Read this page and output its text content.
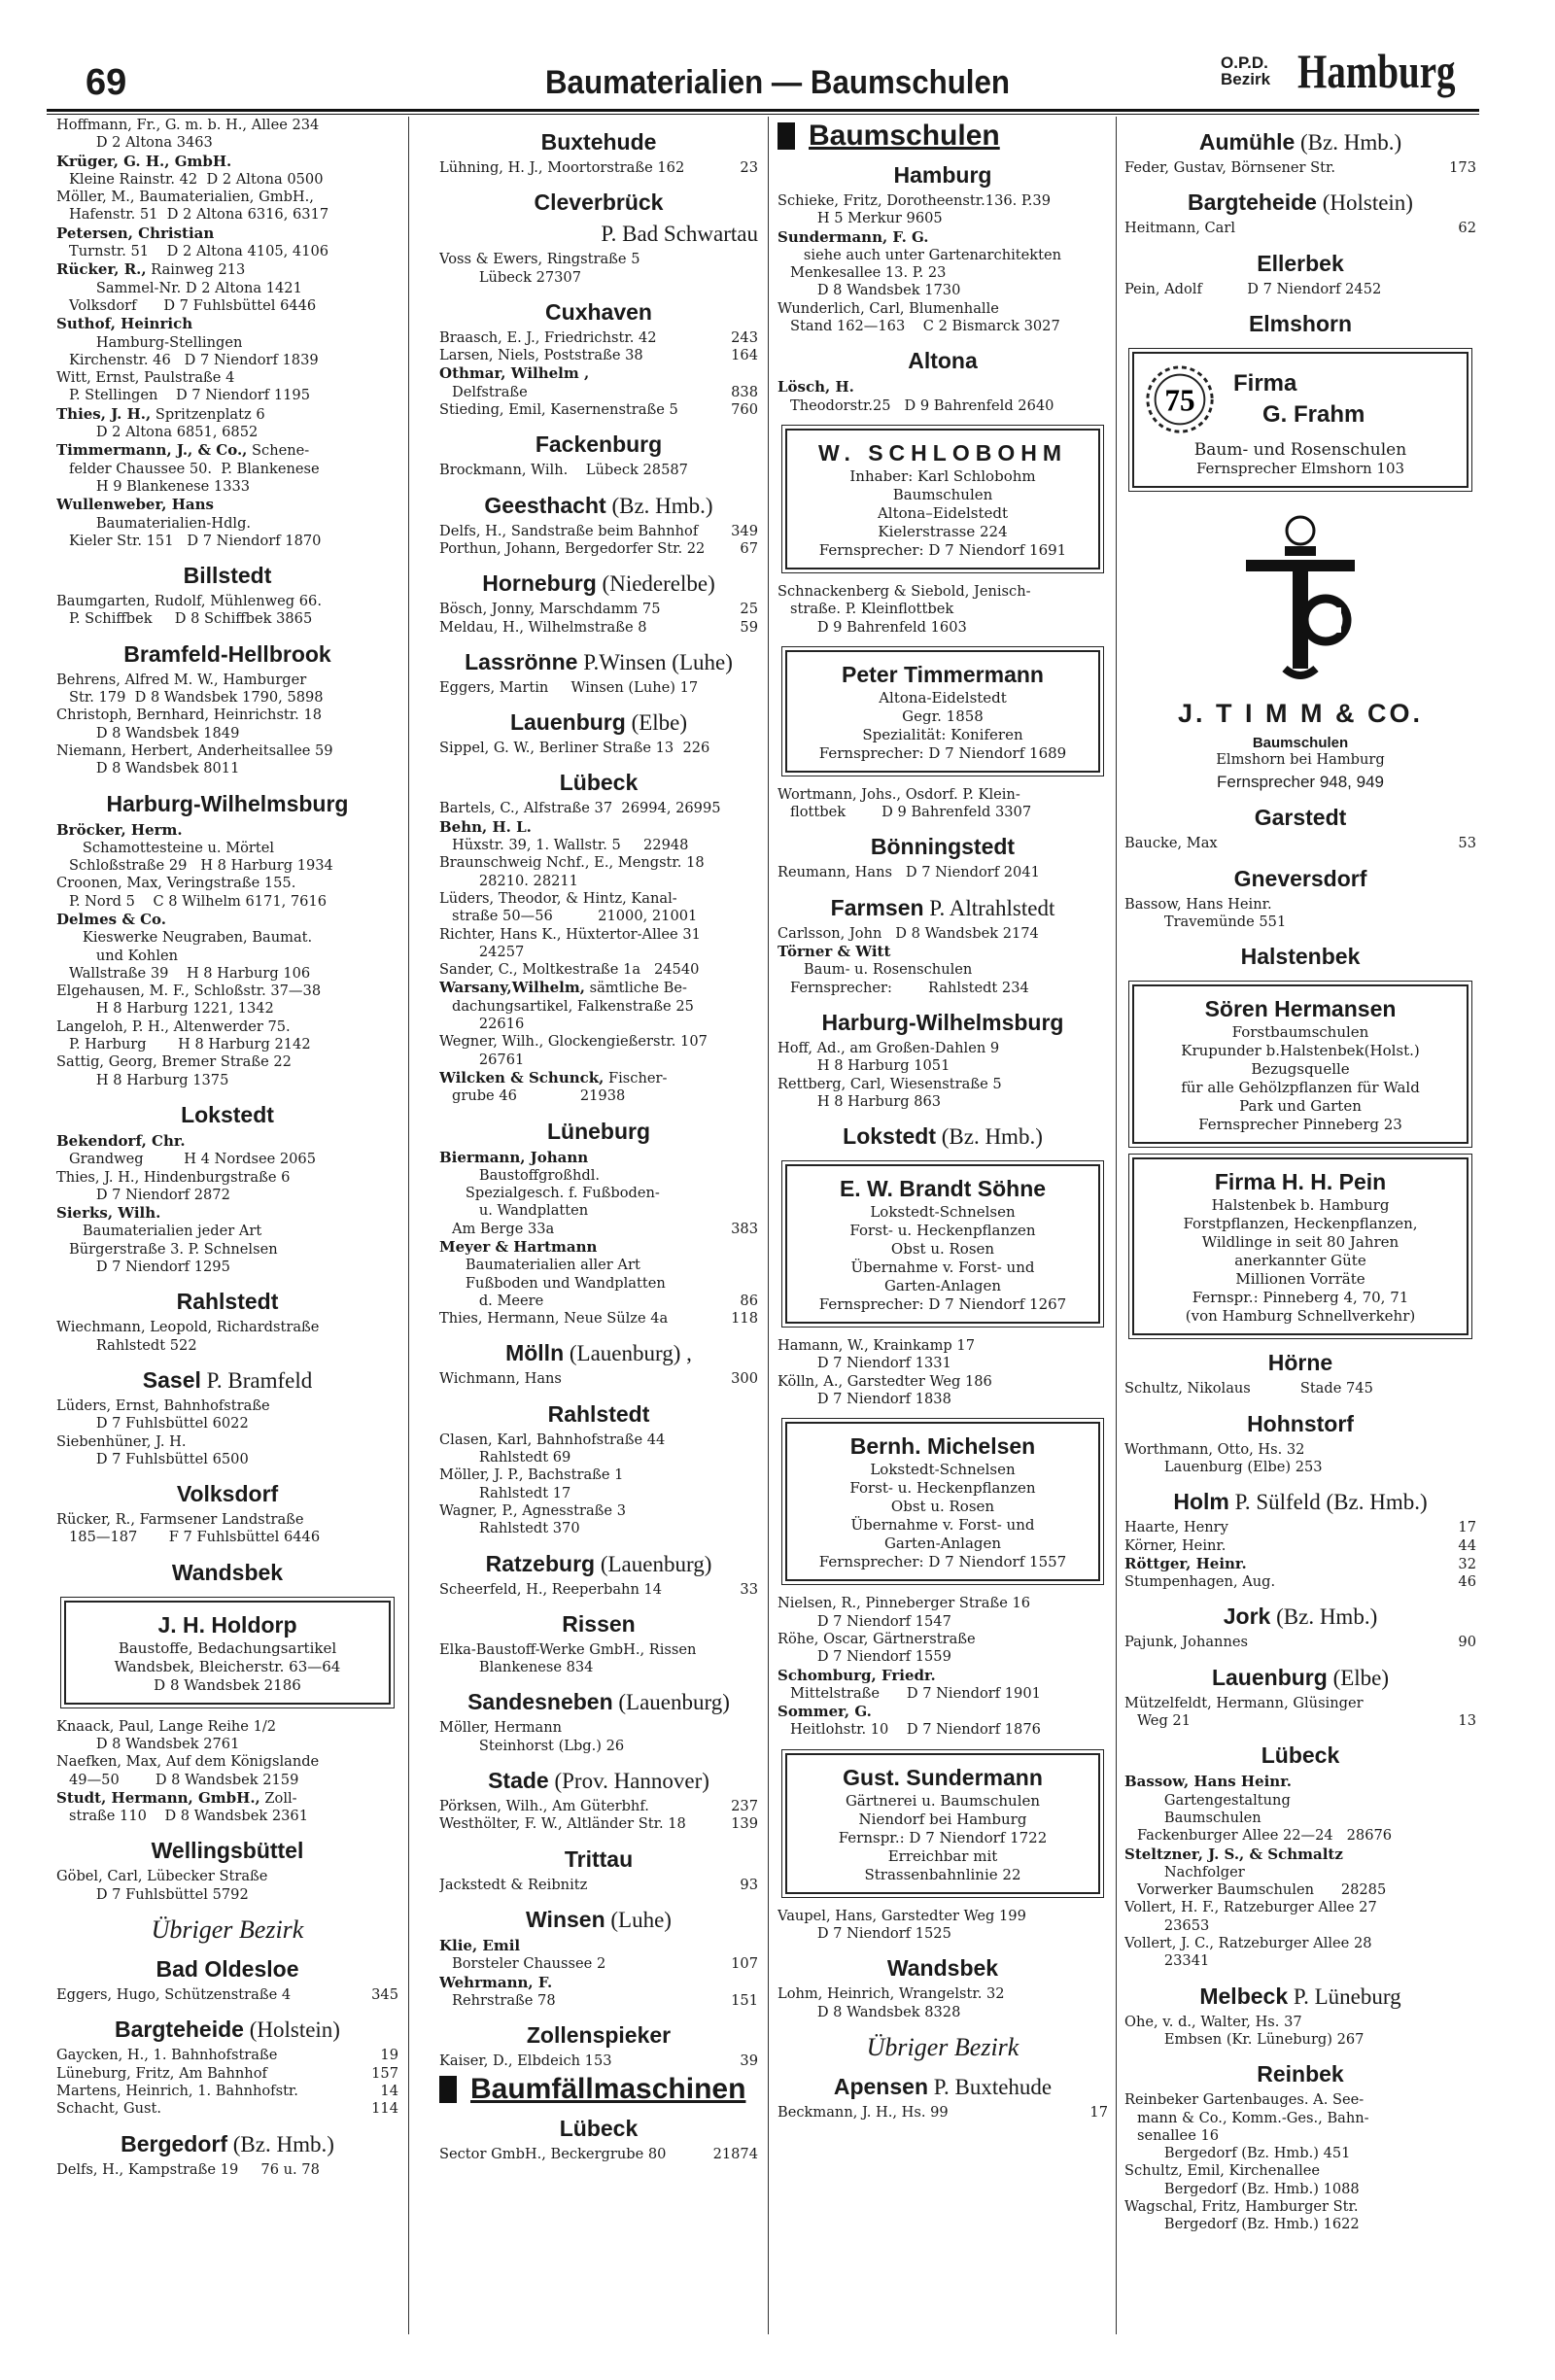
69	Baumaterialien — Baumschulen
O.P.D.
Bezirk Hamburg
Hoffmann, Fr., G. m. b. H., Allee 234
D 2 Altona 3463
Krüger, G. H., GmbH.
Kleine Rainstr. 42  D 2 Altona 0500
Möller, M., Baumaterialien, GmbH.,
Hafenstr. 51  D 2 Altona 6316, 6317
Petersen, Christian
Turnstr. 51    D 2 Altona 4105, 4106
Rücker, R., Rainweg 213
Sammel-Nr. D 2 Altona 1421
Volksdorf      D 7 Fuhlsbüttel 6446
Suthof, Heinrich
Hamburg-Stellingen
Kirchenstr. 46   D 7 Niendorf 1839
Witt, Ernst, Paulstraße 4
P. Stellingen    D 7 Niendorf 1195
Thies, J. H., Spritzenplatz 6
D 2 Altona 6851, 6852
Timmermann, J., & Co., Schene-
felder Chaussee 50.  P. Blankenese
H 9 Blankenese 1333
Wullenweber, Hans
Baumaterialien-Hdlg.
Kieler Str. 151   D 7 Niendorf 1870
Billstedt
Baumgarten, Rudolf, Mühlenweg 66.
P. Schiffbek     D 8 Schiffbek 3865
Bramfeld-Hellbrook
Behrens, Alfred M. W., Hamburger
Str. 179  D 8 Wandsbek 1790, 5898
Christoph, Bernhard, Heinrichstr. 18
D 8 Wandsbek 1849
Niemann, Herbert, Anderheitsallee 59
D 8 Wandsbek 8011
Harburg-Wilhelmsburg
Bröcker, Herm.
Schamottesteine u. Mörtel
Schloßstraße 29   H 8 Harburg 1934
Croonen, Max, Veringstraße 155.
P. Nord 5    C 8 Wilhelm 6171, 7616
Delmes & Co.
Kieswerke Neugraben, Baumat.
und Kohlen
Wallstraße 39    H 8 Harburg 106
Elgehausen, M. F., Schloßstr. 37—38
H 8 Harburg 1221, 1342
Langeloh, P. H., Altenwerder 75.
P. Harburg       H 8 Harburg 2142
Sattig, Georg, Bremer Straße 22
H 8 Harburg 1375
Lokstedt
Bekendorf, Chr.
Grandweg         H 4 Nordsee 2065
Thies, J. H., Hindenburgstraße 6
D 7 Niendorf 2872
Sierks, Wilh.
Baumaterialien jeder Art
Bürgerstraße 3. P. Schnelsen
D 7 Niendorf 1295
Rahlstedt
Wiechmann, Leopold, Richardstraße
Rahlstedt 522
Sasel P. Bramfeld
Lüders, Ernst, Bahnhofstraße
D 7 Fuhlsbüttel 6022
Siebenhüner, J. H.
D 7 Fuhlsbüttel 6500
Volksdorf
Rücker, R., Farmsener Landstraße
185—187       F 7 Fuhlsbüttel 6446
Wandsbek
J. H. Holdorp
Baustoffe, Bedachungsartikel
Wandsbek, Bleicherstr. 63—64
D 8 Wandsbek 2186
Knaack, Paul, Lange Reihe 1/2
D 8 Wandsbek 2761
Naefken, Max, Auf dem Königslande
49—50        D 8 Wandsbek 2159
Studt, Hermann, GmbH., Zoll-
straße 110    D 8 Wandsbek 2361
Wellingsbüttel
Göbel, Carl, Lübecker Straße
D 7 Fuhlsbüttel 5792
Übriger Bezirk
Bad Oldesloe
Eggers, Hugo, Schützenstraße 4	345
Bargteheide (Holstein)
Gaycken, H., 1. Bahnhofstraße	19
Lüneburg, Fritz, Am Bahnhof	157
Martens, Heinrich, 1. Bahnhofstr.	14
Schacht, Gust.	114
Bergedorf (Bz. Hmb.)
Delfs, H., Kampstraße 19     76 u. 78
Buxtehude
Lühning, H. J., Moortorstraße 162	23
Cleverbrück
P. Bad Schwartau
Voss & Ewers, Ringstraße 5
Lübeck 27307
Cuxhaven
Braasch, E. J., Friedrichstr. 42	243
Larsen, Niels, Poststraße 38	164
Othmar, Wilhelm ,
Delfstraße	838
Stieding, Emil, Kasernenstraße 5	760
Fackenburg
Brockmann, Wilh.    Lübeck 28587
Geesthacht (Bz. Hmb.)
Delfs, H., Sandstraße beim Bahnhof 349
Porthun, Johann, Bergedorfer Str. 22 67
Horneburg (Niederelbe)
Bösch, Jonny, Marschdamm 75	25
Meldau, H., Wilhelmstraße 8	59
Lassrönne P.Winsen (Luhe)
Eggers, Martin     Winsen (Luhe) 17
Lauenburg (Elbe)
Sippel, G. W., Berliner Straße 13  226
Lübeck
Bartels, C., Alfstraße 37  26994, 26995
Behn, H. L.
Hüxstr. 39, 1. Wallstr. 5     22948
Braunschweig Nchf., E., Mengstr. 18
28210. 28211
Lüders, Theodor, & Hintz, Kanal-
straße 50—56          21000, 21001
Richter, Hans K., Hüxtertor-Allee 31
24257
Sander, C., Moltkestraße 1a   24540
Warsany,Wilhelm, sämtliche Be-
dachungsartikel, Falkenstraße 25
22616
Wegner, Wilh., Glockengießerstr. 107
26761
Wilcken & Schunck, Fischer-
grube 46              21938
Lüneburg
Biermann, Johann
Baustoffgroßhdl.
Spezialgesch. f. Fußboden-
u. Wandplatten
Am Berge 33a	383
Meyer & Hartmann
Baumaterialien aller Art
Fußboden und Wandplatten
d. Meere	86
Thies, Hermann, Neue Sülze 4a	118
Mölln (Lauenburg) ,
Wichmann, Hans	300
Rahlstedt
Clasen, Karl, Bahnhofstraße 44
Rahlstedt 69
Möller, J. P., Bachstraße 1
Rahlstedt 17
Wagner, P., Agnesstraße 3
Rahlstedt 370
Ratzeburg (Lauenburg)
Scheerfeld, H., Reeperbahn 14	33
Rissen
Elka-Baustoff-Werke GmbH., Rissen
Blankenese 834
Sandesneben (Lauenburg)
Möller, Hermann
Steinhorst (Lbg.) 26
Stade (Prov. Hannover)
Pörksen, Wilh., Am Güterbhf.	237
Westhölter, F. W., Altländer Str. 18	139
Trittau
Jackstedt & Reibnitz	93
Winsen (Luhe)
Klie, Emil
Borsteler Chaussee 2	107
Wehrmann, F.
Rehrstraße 78	151
Zollenspieker
Kaiser, D., Elbdeich 153	39
Baumfällmaschinen
Lübeck
Sector GmbH., Beckergrube 80	21874
Baumschulen
Hamburg
Schieke, Fritz, Dorotheenstr.136. P.39
H 5 Merkur 9605
Sundermann, F. G.
siehe auch unter Gartenarchitekten
Menkesallee 13. P. 23
D 8 Wandsbek 1730
Wunderlich, Carl, Blumenhalle
Stand 162—163    C 2 Bismarck 3027
Altona
Lösch, H.
Theodorstr.25   D 9 Bahrenfeld 2640
W. SCHLOBOHM
Inhaber: Karl Schlobohm
Baumschulen
Altona–Eidelstedt
Kielerstrasse 224
Fernsprecher: D 7 Niendorf 1691
Schnackenberg & Siebold, Jenisch-
straße. P. Kleinflottbek
D 9 Bahrenfeld 1603
Peter Timmermann
Altona-Eidelstedt
Gegr. 1858
Spezialität: Koniferen
Fernsprecher: D 7 Niendorf 1689
Wortmann, Johs., Osdorf. P. Klein-
flottbek        D 9 Bahrenfeld 3307
Bönningstedt
Reumann, Hans   D 7 Niendorf 2041
Farmsen P. Altrahlstedt
Carlsson, John   D 8 Wandsbek 2174
Törner & Witt
Baum- u. Rosenschulen
Fernsprecher:        Rahlstedt 234
Harburg-Wilhelmsburg
Hoff, Ad., am Großen-Dahlen 9
H 8 Harburg 1051
Rettberg, Carl, Wiesenstraße 5
H 8 Harburg 863
Lokstedt (Bz. Hmb.)
E. W. Brandt Söhne
Lokstedt-Schnelsen
Forst- u. Heckenpflanzen
Obst u. Rosen
Übernahme v. Forst- und
Garten-Anlagen
Fernsprecher: D 7 Niendorf 1267
Hamann, W., Krainkamp 17
D 7 Niendorf 1331
Kölln, A., Garstedter Weg 186
D 7 Niendorf 1838
Bernh. Michelsen
Lokstedt-Schnelsen
Forst- u. Heckenpflanzen
Obst u. Rosen
Übernahme v. Forst- und
Garten-Anlagen
Fernsprecher: D 7 Niendorf 1557
Nielsen, R., Pinneberger Straße 16
D 7 Niendorf 1547
Röhe, Oscar, Gärtnerstraße
D 7 Niendorf 1559
Schomburg, Friedr.
Mittelstraße      D 7 Niendorf 1901
Sommer, G.
Heitlohstr. 10    D 7 Niendorf 1876
Gust. Sundermann
Gärtnerei u. Baumschulen
Niendorf bei Hamburg
Fernspr.: D 7 Niendorf 1722
Erreichbar mit
Strassenbahnlinie 22
Vaupel, Hans, Garstedter Weg 199
D 7 Niendorf 1525
Wandsbek
Lohm, Heinrich, Wrangelstr. 32
D 8 Wandsbek 8328
Übriger Bezirk
Apensen P. Buxtehude
Beckmann, J. H., Hs. 99	17
Aumühle (Bz. Hmb.)
Feder, Gustav, Börnsener Str.	173
Bargteheide (Holstein)
Heitmann, Carl	62
Ellerbek
Pein, Adolf          D 7 Niendorf 2452
Elmshorn
75
Firma
G. Frahm
Baum- und Rosenschulen
Fernsprecher Elmshorn 103
J. T I M M & CO.
Baumschulen
Elmshorn bei Hamburg
Fernsprecher 948, 949
Garstedt
Baucke, Max	53
Gneversdorf
Bassow, Hans Heinr.
Travemünde 551
Halstenbek
Sören Hermansen
Forstbaumschulen
Krupunder b.Halstenbek(Holst.)
Bezugsquelle
für alle Gehölzpflanzen für Wald
Park und Garten
Fernsprecher Pinneberg 23
Firma H. H. Pein
Halstenbek b. Hamburg
Forstpflanzen, Heckenpflanzen,
Wildlinge in seit 80 Jahren
anerkannter Güte
Millionen Vorräte
Fernspr.: Pinneberg 4, 70, 71
(von Hamburg Schnellverkehr)
Hörne
Schultz, Nikolaus           Stade 745
Hohnstorf
Worthmann, Otto, Hs. 32
Lauenburg (Elbe) 253
Holm P. Sülfeld (Bz. Hmb.)
Haarte, Henry	17
Körner, Heinr.	44
Röttger, Heinr.	32
Stumpenhagen, Aug.	46
Jork (Bz. Hmb.)
Pajunk, Johannes	90
Lauenburg (Elbe)
Mützelfeldt, Hermann, Glüsinger
Weg 21	13
Lübeck
Bassow, Hans Heinr.
Gartengestaltung
Baumschulen
Fackenburger Allee 22—24   28676
Steltzner, J. S., & Schmaltz
Nachfolger
Vorwerker Baumschulen      28285
Vollert, H. F., Ratzeburger Allee 27
23653
Vollert, J. C., Ratzeburger Allee 28
23341
Melbeck P. Lüneburg
Ohe, v. d., Walter, Hs. 37
Embsen (Kr. Lüneburg) 267
Reinbek
Reinbeker Gartenbauges. A. See-
mann & Co., Komm.-Ges., Bahn-
senallee 16
Bergedorf (Bz. Hmb.) 451
Schultz, Emil, Kirchenallee
Bergedorf (Bz. Hmb.) 1088
Wagschal, Fritz, Hamburger Str.
Bergedorf (Bz. Hmb.) 1622
